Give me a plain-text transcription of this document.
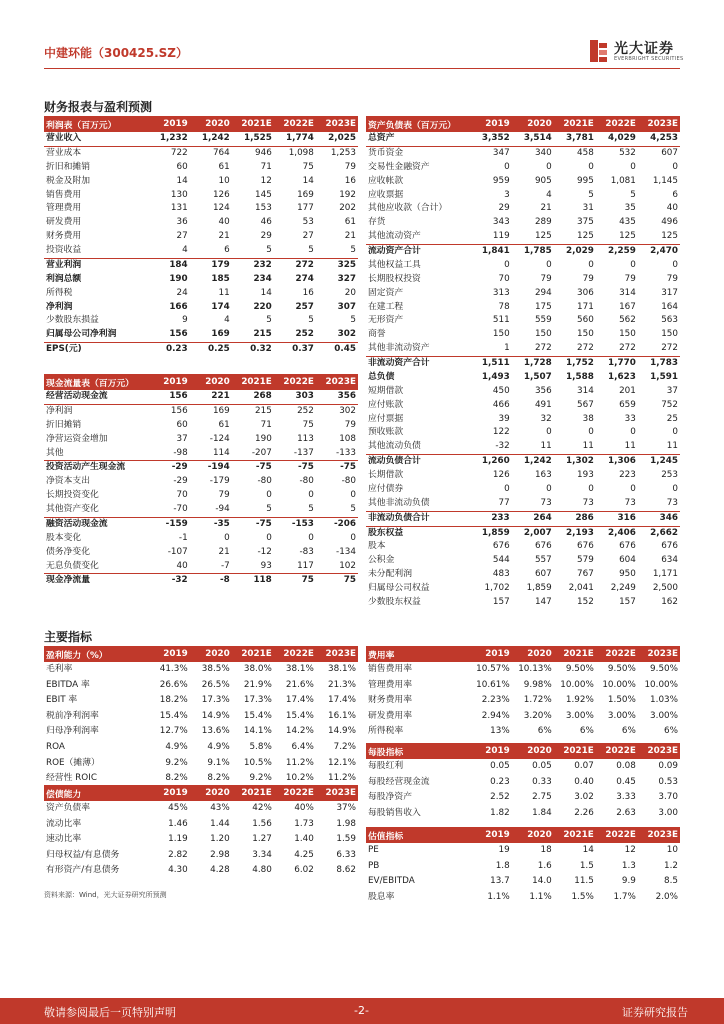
中建环能（300425.SZ）	光大证券
EVERBRIGHT SECURITIES
财务报表与盈利预测
利润表（百万元）	2019	2020	2021E	2022E	2023E
营业收入	1,232	1,242	1,525	1,774	2,025
营业成本	722	764	946	1,098	1,253
折旧和摊销	60	61	71	75	79
税金及附加	14	10	12	14	16
销售费用	130	126	145	169	192
管理费用	131	124	153	177	202
研发费用	36	40	46	53	61
财务费用	27	21	29	27	21
投资收益	4	6	5	5	5
营业利润	184	179	232	272	325
利润总额	190	185	234	274	327
所得税	24	11	14	16	20
净利润	166	174	220	257	307
少数股东损益	9	4	5	5	5
归属母公司净利润	156	169	215	252	302
EPS(元)	0.23	0.25	0.32	0.37	0.45
现金流量表（百万元）	2019	2020	2021E	2022E	2023E
经营活动现金流	156	221	268	303	356
净利润	156	169	215	252	302
折旧摊销	60	61	71	75	79
净营运资金增加	37	-124	190	113	108
其他	-98	114	-207	-137	-133
投资活动产生现金流	-29	-194	-75	-75	-75
净资本支出	-29	-179	-80	-80	-80
长期投资变化	70	79	0	0	0
其他资产变化	-70	-94	5	5	5
融资活动现金流	-159	-35	-75	-153	-206
股本变化	-1	0	0	0	0
债务净变化	-107	21	-12	-83	-134
无息负债变化	40	-7	93	117	102
现金净流量	-32	-8	118	75	75
资产负债表（百万元）	2019	2020	2021E	2022E	2023E
总资产	3,352	3,514	3,781	4,029	4,253
货币资金	347	340	458	532	607
交易性金融资产	0	0	0	0	0
应收帐款	959	905	995	1,081	1,145
应收票据	3	4	5	5	6
其他应收款（合计）	29	21	31	35	40
存货	343	289	375	435	496
其他流动资产	119	125	125	125	125
流动资产合计	1,841	1,785	2,029	2,259	2,470
其他权益工具	0	0	0	0	0
长期股权投资	70	79	79	79	79
固定资产	313	294	306	314	317
在建工程	78	175	171	167	164
无形资产	511	559	560	562	563
商誉	150	150	150	150	150
其他非流动资产	1	272	272	272	272
非流动资产合计	1,511	1,728	1,752	1,770	1,783
总负债	1,493	1,507	1,588	1,623	1,591
短期借款	450	356	314	201	37
应付账款	466	491	567	659	752
应付票据	39	32	38	33	25
预收账款	122	0	0	0	0
其他流动负债	-32	11	11	11	11
流动负债合计	1,260	1,242	1,302	1,306	1,245
长期借款	126	163	193	223	253
应付债券	0	0	0	0	0
其他非流动负债	77	73	73	73	73
非流动负债合计	233	264	286	316	346
股东权益	1,859	2,007	2,193	2,406	2,662
股本	676	676	676	676	676
公积金	544	557	579	604	634
未分配利润	483	607	767	950	1,171
归属母公司权益	1,702	1,859	2,041	2,249	2,500
少数股东权益	157	147	152	157	162
主要指标
盈利能力（%）	2019	2020	2021E	2022E	2023E
毛利率	41.3%	38.5%	38.0%	38.1%	38.1%
EBITDA 率	26.6%	26.5%	21.9%	21.6%	21.3%
EBIT 率	18.2%	17.3%	17.3%	17.4%	17.4%
税前净利润率	15.4%	14.9%	15.4%	15.4%	16.1%
归母净利润率	12.7%	13.6%	14.1%	14.2%	14.9%
ROA	4.9%	4.9%	5.8%	6.4%	7.2%
ROE（摊薄）	9.2%	9.1%	10.5%	11.2%	12.1%
经营性 ROIC	8.2%	8.2%	9.2%	10.2%	11.2%
偿债能力	2019	2020	2021E	2022E	2023E
资产负债率	45%	43%	42%	40%	37%
流动比率	1.46	1.44	1.56	1.73	1.98
速动比率	1.19	1.20	1.27	1.40	1.59
归母权益/有息债务	2.82	2.98	3.34	4.25	6.33
有形资产/有息债务	4.30	4.28	4.80	6.02	8.62
费用率	2019	2020	2021E	2022E	2023E
销售费用率	10.57%	10.13%	9.50%	9.50%	9.50%
管理费用率	10.61%	9.98%	10.00%	10.00%	10.00%
财务费用率	2.23%	1.72%	1.92%	1.50%	1.03%
研发费用率	2.94%	3.20%	3.00%	3.00%	3.00%
所得税率	13%	6%	6%	6%	6%
每股指标	2019	2020	2021E	2022E	2023E
每股红利	0.05	0.05	0.07	0.08	0.09
每股经营现金流	0.23	0.33	0.40	0.45	0.53
每股净资产	2.52	2.75	3.02	3.33	3.70
每股销售收入	1.82	1.84	2.26	2.63	3.00
估值指标	2019	2020	2021E	2022E	2023E
PE	19	18	14	12	10
PB	1.8	1.6	1.5	1.3	1.2
EV/EBITDA	13.7	14.0	11.5	9.9	8.5
股息率	1.1%	1.1%	1.5%	1.7%	2.0%
资料来源：Wind，光大证券研究所预测
敬请参阅最后一页特别声明	-2-	证券研究报告
